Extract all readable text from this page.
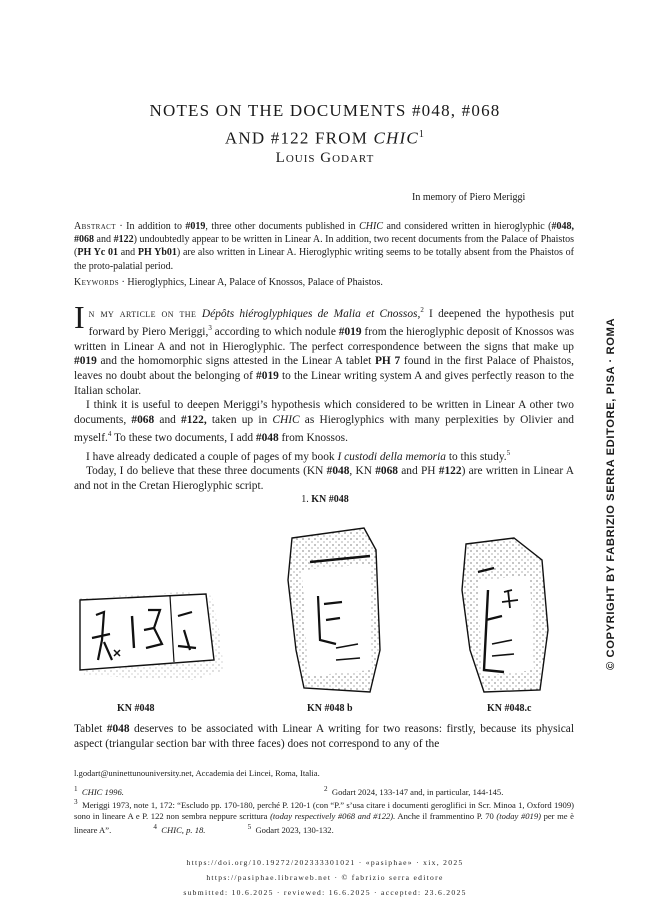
NOTES ON THE DOCUMENTS #048, #068
AND #122 FROM CHIC$^1$
Louis Godart
In memory of Piero Meriggi
Abstract · In addition to #019, three other documents published in CHIC and considered written in hieroglyphic (#048, #068 and #122) undoubtedly appear to be written in Linear A. In addition, two recent documents from the Palace of Phaistos (PH Yc 01 and PH Yb01) are also written in Linear A. Hieroglyphic writing seems to be totally absent from the Phaistos of the proto-palatial period.
Keywords · Hieroglyphics, Linear A, Palace of Knossos, Palace of Phaistos.

In my article on the Dépôts hiéroglyphiques de Malia et Cnossos,$^2$ I deepened the hypothesis put forward by Piero Meriggi,$^3$ according to which nodule #019 from the hieroglyphic deposit of Knossos was written in Linear A and not in Hieroglyphic. The perfect correspondence between the signs that make up #019 and the homomorphic signs attested in the Linear A tablet PH 7 found in the first Palace of Phaistos, leaves no doubt about the belonging of #019 to the Linear writing system A and gives perfectly reason to the Italian scholar.

I think it is useful to deepen Meriggi’s hypothesis which considered to be written in Linear A other two documents, #068 and #122, taken up in CHIC as Hieroglyphics with many perplexities by Olivier and myself.$^4$ To these two documents, I add #048 from Knossos.

I have already dedicated a couple of pages of my book I custodi della memoria to this study.$^5$

Today, I do believe that these three documents (KN #048, KN #068 and PH #122) are written in Linear A and not in the Cretan Hieroglyphic script.

1. KN #048
KN #048	KN #048 b	KN #048.c
Tablet #048 deserves to be associated with Linear A writing for two reasons: firstly, because its physical aspect (triangular section bar with three faces) does not correspond to any of the
l.godart@uninettunouniversity.net, Accademia dei Lincei, Roma, Italia.
$^1$ CHIC 1996.	$^2$ Godart 2024, 133-147 and, in particular, 144-145.
$^3$ Meriggi 1973, note 1, 172: “Escludo pp. 170-180, perché P. 120-1 (con “P.” s’usa citare i documenti geroglifici in Scr. Minoa 1, Oxford 1909) sono in lineare A e P. 122 non sembra neppure scrittura (today respectively #068 and #122). Anche il frammentino P. 70 (today #019) per me è lineare A”.	$^4$ CHIC, p. 18.	$^5$ Godart 2023, 130-132.
https://doi.org/10.19272/202333301021 · «pasiphae» · xix, 2025
https://pasiphae.libraweb.net · © fabrizio serra editore
submitted: 10.6.2025 · reviewed: 16.6.2025 · accepted: 23.6.2025
© COPYRIGHT BY FABRIZIO SERRA EDITORE, PISA · ROMA
